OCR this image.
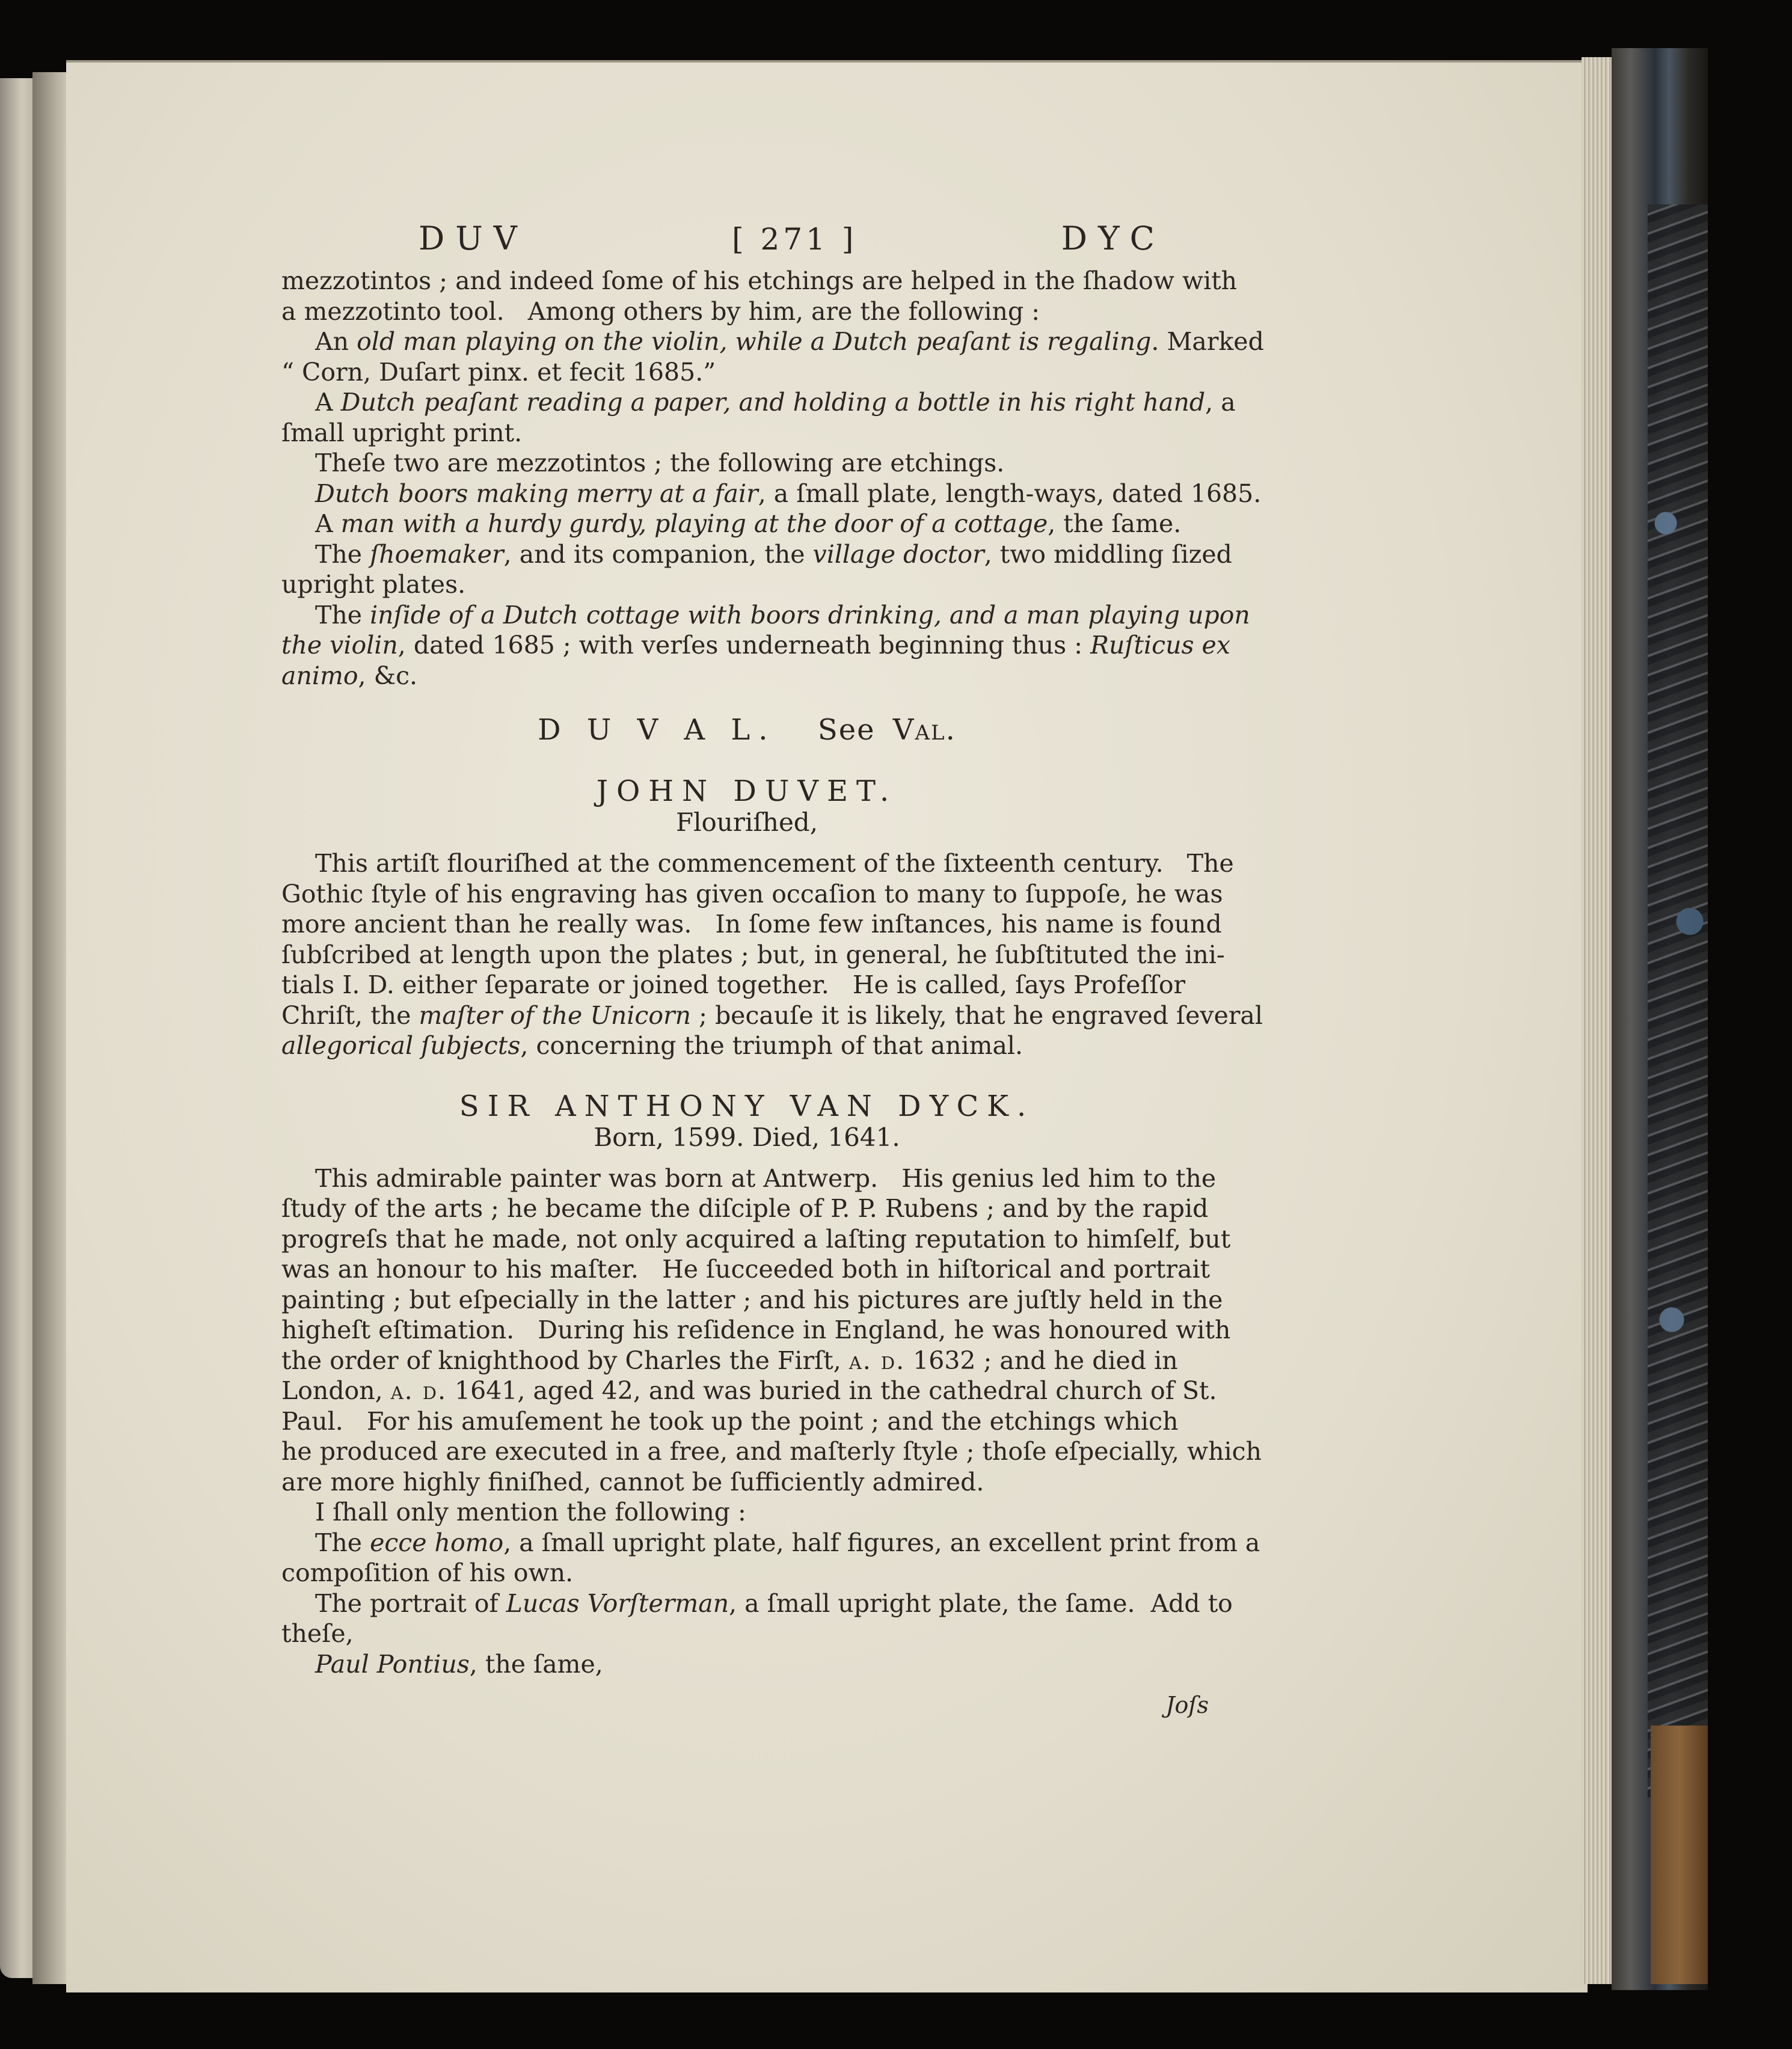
DUV	[ 271 ]	DYC
mezzotintos ; and indeed ſome of his etchings are helped in the ſhadow with
a mezzotinto tool.   Among others by him, are the following :
An old man playing on the violin, while a Dutch peaſant is regaling. Marked
“ Corn, Duſart pinx. et fecit 1685.”
A Dutch peaſant reading a paper, and holding a bottle in his right hand, a
ſmall upright print.
Theſe two are mezzotintos ; the following are etchings.
Dutch boors making merry at a fair, a ſmall plate, length-ways, dated 1685.
A man with a hurdy gurdy, playing at the door of a cottage, the ſame.
The ſhoemaker, and its companion, the village doctor, two middling ſized
upright plates.
The inſide of a Dutch cottage with boors drinking, and a man playing upon
the violin, dated 1685 ; with verſes underneath beginning thus : Ruſticus ex
animo, &c.
D U V A L. See Val.
JOHN DUVET.
Flouriſhed,
This artiſt flouriſhed at the commencement of the ſixteenth century.   The
Gothic ſtyle of his engraving has given occaſion to many to ſuppoſe, he was
more ancient than he really was.   In ſome few inſtances, his name is found
ſubſcribed at length upon the plates ; but, in general, he ſubſtituted the ini-
tials I. D. either ſeparate or joined together.   He is called, ſays Profeſſor
Chriſt, the maſter of the Unicorn ; becauſe it is likely, that he engraved ſeveral
allegorical ſubjects, concerning the triumph of that animal.
SIR ANTHONY VAN DYCK.
Born, 1599. Died, 1641.
This admirable painter was born at Antwerp.   His genius led him to the
ſtudy of the arts ; he became the diſciple of P. P. Rubens ; and by the rapid
progreſs that he made, not only acquired a laſting reputation to himſelf, but
was an honour to his maſter.   He ſucceeded both in hiſtorical and portrait
painting ; but eſpecially in the latter ; and his pictures are juſtly held in the
higheſt eſtimation.   During his reſidence in England, he was honoured with
the order of knighthood by Charles the Firſt, a. d. 1632 ; and he died in
London, a. d. 1641, aged 42, and was buried in the cathedral church of St.
Paul.   For his amuſement he took up the point ; and the etchings which
he produced are executed in a free, and maſterly ſtyle ; thoſe eſpecially, which
are more highly finiſhed, cannot be ſufficiently admired.
I ſhall only mention the following :
The ecce homo, a ſmall upright plate, half figures, an excellent print from a
compoſition of his own.
The portrait of Lucas Vorſterman, a ſmall upright plate, the ſame.  Add to
theſe,
Paul Pontius, the ſame,
Joſs
